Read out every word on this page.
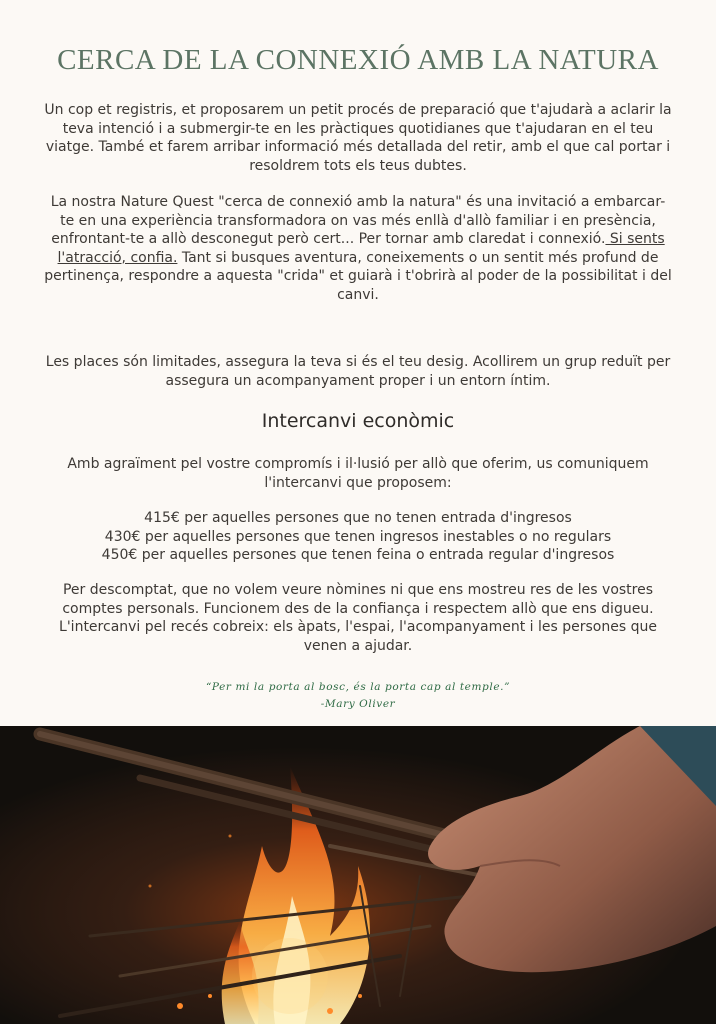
CERCA DE LA CONNEXIÓ AMB LA NATURA

Un cop et registris, et proposarem un petit procés de preparació que t'ajudarà a aclarir la teva intenció i a submergir-te en les pràctiques quotidianes que t'ajudaran en el teu viatge. També et farem arribar informació més detallada del retir, amb el que cal portar i resoldrem tots els teus dubtes.

La nostra Nature Quest "cerca de connexió amb la natura" és una invitació a embarcar-te en una experiència transformadora on vas més enllà d'allò familiar i en presència, enfrontant-te a allò desconegut però cert... Per tornar amb claredat i connexió. Si sents l'atracció, confia. Tant si busques aventura, coneixements o un sentit més profund de pertinença, respondre a aquesta "crida" et guiarà i t'obrirà al poder de la possibilitat i del canvi.

Les places són limitades, assegura la teva si és el teu desig. Acollirem un grup reduït per assegura un acompanyament proper i un entorn íntim.

Intercanvi econòmic

Amb agraïment pel vostre compromís i il·lusió per allò que oferim, us comuniquem l'intercanvi que proposem:

415€ per aquelles persones que no tenen entrada d'ingresos
430€ per aquelles persones que tenen ingresos inestables o no regulars
450€ per aquelles persones que tenen feina o entrada regular d'ingresos

Per descomptat, que no volem veure nòmines ni que ens mostreu res de les vostres comptes personals. Funcionem des de la confiança i respectem allò que ens digueu. L'intercanvi pel recés cobreix: els àpats, l'espai, l'acompanyament i les persones que venen a ajudar.

“Per mi la porta al bosc, és la porta cap al temple.”
-Mary Oliver
